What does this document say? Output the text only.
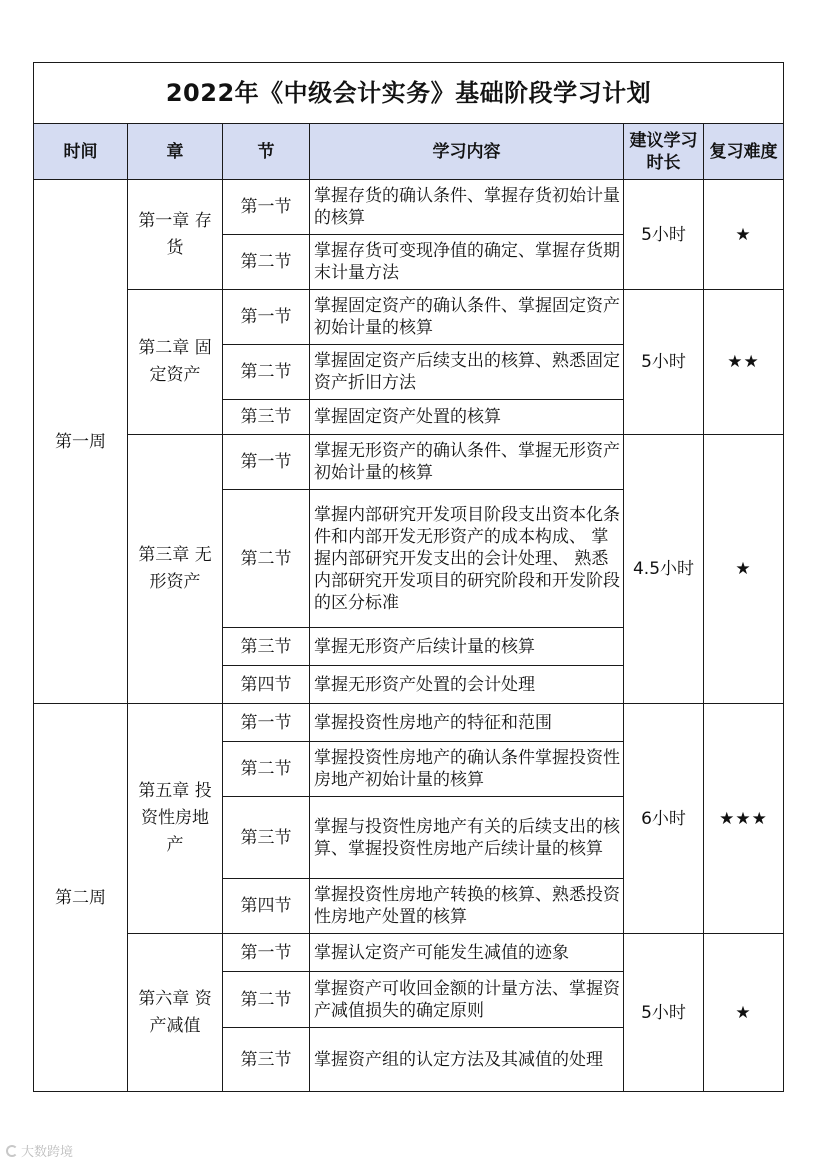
2022年《中级会计实务》基础阶段学习计划					
时间	章	节	学习内容	建议学习时长	复习难度
第一周	第一章 存货	第一节	掌握存货的确认条件、掌握存货初始计量的核算	5小时	★
		第二节	掌握存货可变现净值的确定、掌握存货期末计量方法		
	第二章 固定资产	第一节	掌握固定资产的确认条件、掌握固定资产初始计量的核算	5小时	★★
		第二节	掌握固定资产后续支出的核算、熟悉固定资产折旧方法		
		第三节	掌握固定资产处置的核算		
	第三章 无形资产	第一节	掌握无形资产的确认条件、掌握无形资产初始计量的核算	4.5小时	★
		第二节	掌握内部研究开发项目阶段支出资本化条件和内部开发无形资产的成本构成、 掌握内部研究开发支出的会计处理、 熟悉内部研究开发项目的研究阶段和开发阶段的区分标准		
		第三节	掌握无形资产后续计量的核算		
		第四节	掌握无形资产处置的会计处理		
第二周	第五章 投资性房地产	第一节	掌握投资性房地产的特征和范围	6小时	★★★
		第二节	掌握投资性房地产的确认条件掌握投资性房地产初始计量的核算		
		第三节	掌握与投资性房地产有关的后续支出的核算、掌握投资性房地产后续计量的核算		
		第四节	掌握投资性房地产转换的核算、熟悉投资性房地产处置的核算		
	第六章 资产减值	第一节	掌握认定资产可能发生减值的迹象	5小时	★
		第二节	掌握资产可收回金额的计量方法、掌握资产减值损失的确定原则		
		第三节	掌握资产组的认定方法及其减值的处理		
大数跨境
